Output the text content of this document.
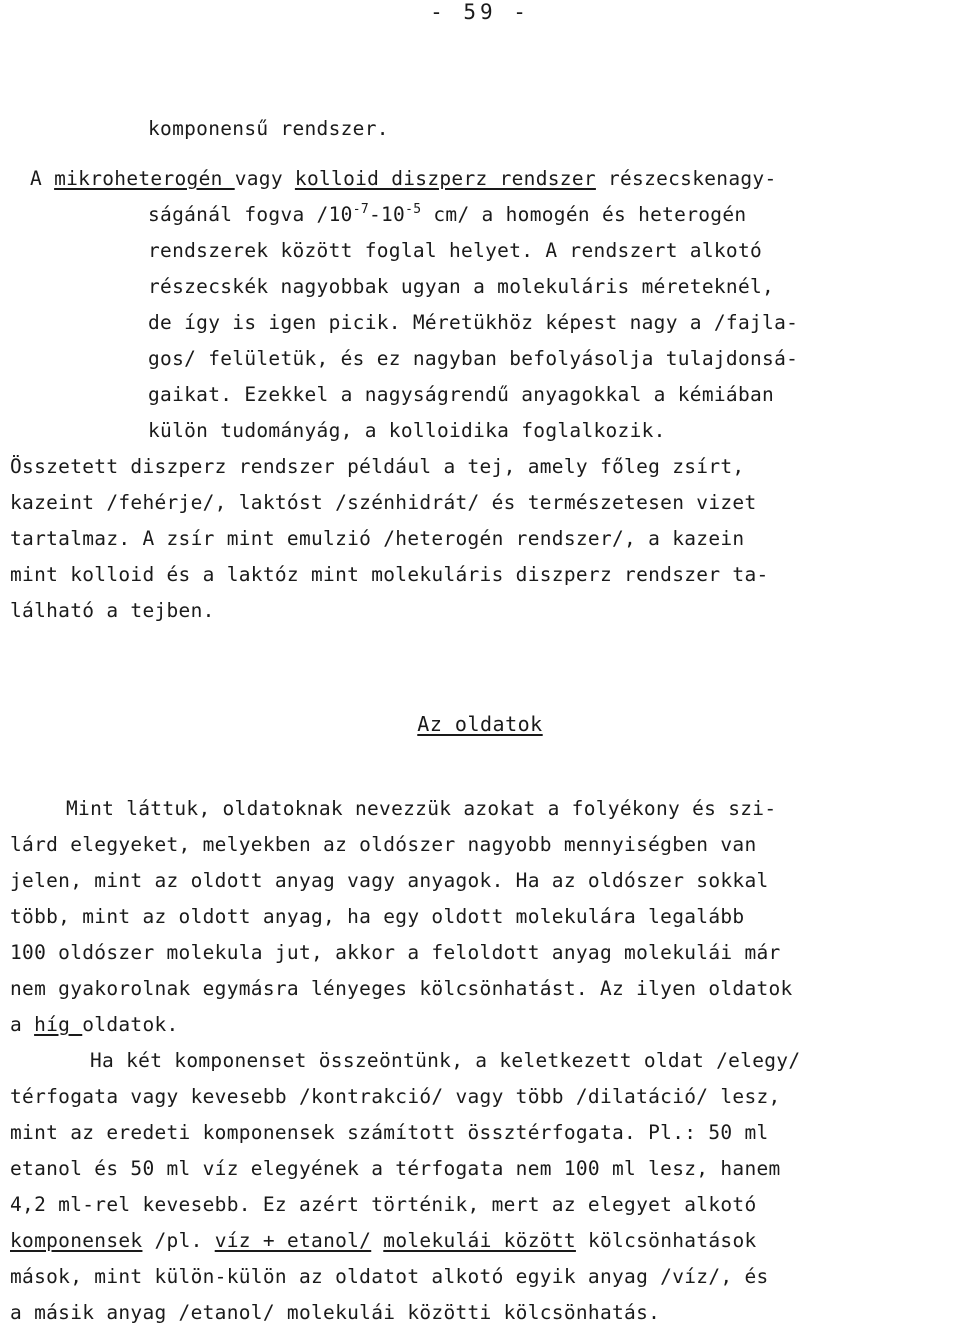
- 59 -
komponensű rendszer.
A mikroheterogén vagy kolloid diszperz rendszer részecskenagy-
ságánál fogva $/10^{-7}-10^{-5}$ cm/ a homogén és heterogén
rendszerek között foglal helyet. A rendszert alkotó
részecskék nagyobbak ugyan a molekuláris méreteknél,
de így is igen picik. Méretükhöz képest nagy a /fajla-
gos/ felületük, és ez nagyban befolyásolja tulajdonsá-
gaikat. Ezekkel a nagyságrendű anyagokkal a kémiában
külön tudományág, a kolloidika foglalkozik.
Összetett diszperz rendszer például a tej, amely főleg zsírt,
kazeint /fehérje/, laktóst /szénhidrát/ és természetesen vizet
tartalmaz. A zsír mint emulzió /heterogén rendszer/, a kazein
mint kolloid és a laktóz mint molekuláris diszperz rendszer ta-
lálható a tejben.
Az oldatok
Mint láttuk, oldatoknak nevezzük azokat a folyékony és szi-
lárd elegyeket, melyekben az oldószer nagyobb mennyiségben van
jelen, mint az oldott anyag vagy anyagok. Ha az oldószer sokkal
több, mint az oldott anyag, ha egy oldott molekulára legalább
100 oldószer molekula jut, akkor a feloldott anyag molekulái már
nem gyakorolnak egymásra lényeges kölcsönhatást. Az ilyen oldatok
a híg oldatok.
Ha két komponenset összeöntünk, a keletkezett oldat /elegy/
térfogata vagy kevesebb /kontrakció/ vagy több /dilatáció/ lesz,
mint az eredeti komponensek számított össztérfogata. Pl.: 50 ml
etanol és 50 ml víz elegyének a térfogata nem 100 ml lesz, hanem
4,2 ml-rel kevesebb. Ez azért történik, mert az elegyet alkotó
komponensek /pl. víz + etanol/ molekulái között kölcsönhatások
mások, mint külön-külön az oldatot alkotó egyik anyag /víz/, és
a másik anyag /etanol/ molekulái közötti kölcsönhatás.
